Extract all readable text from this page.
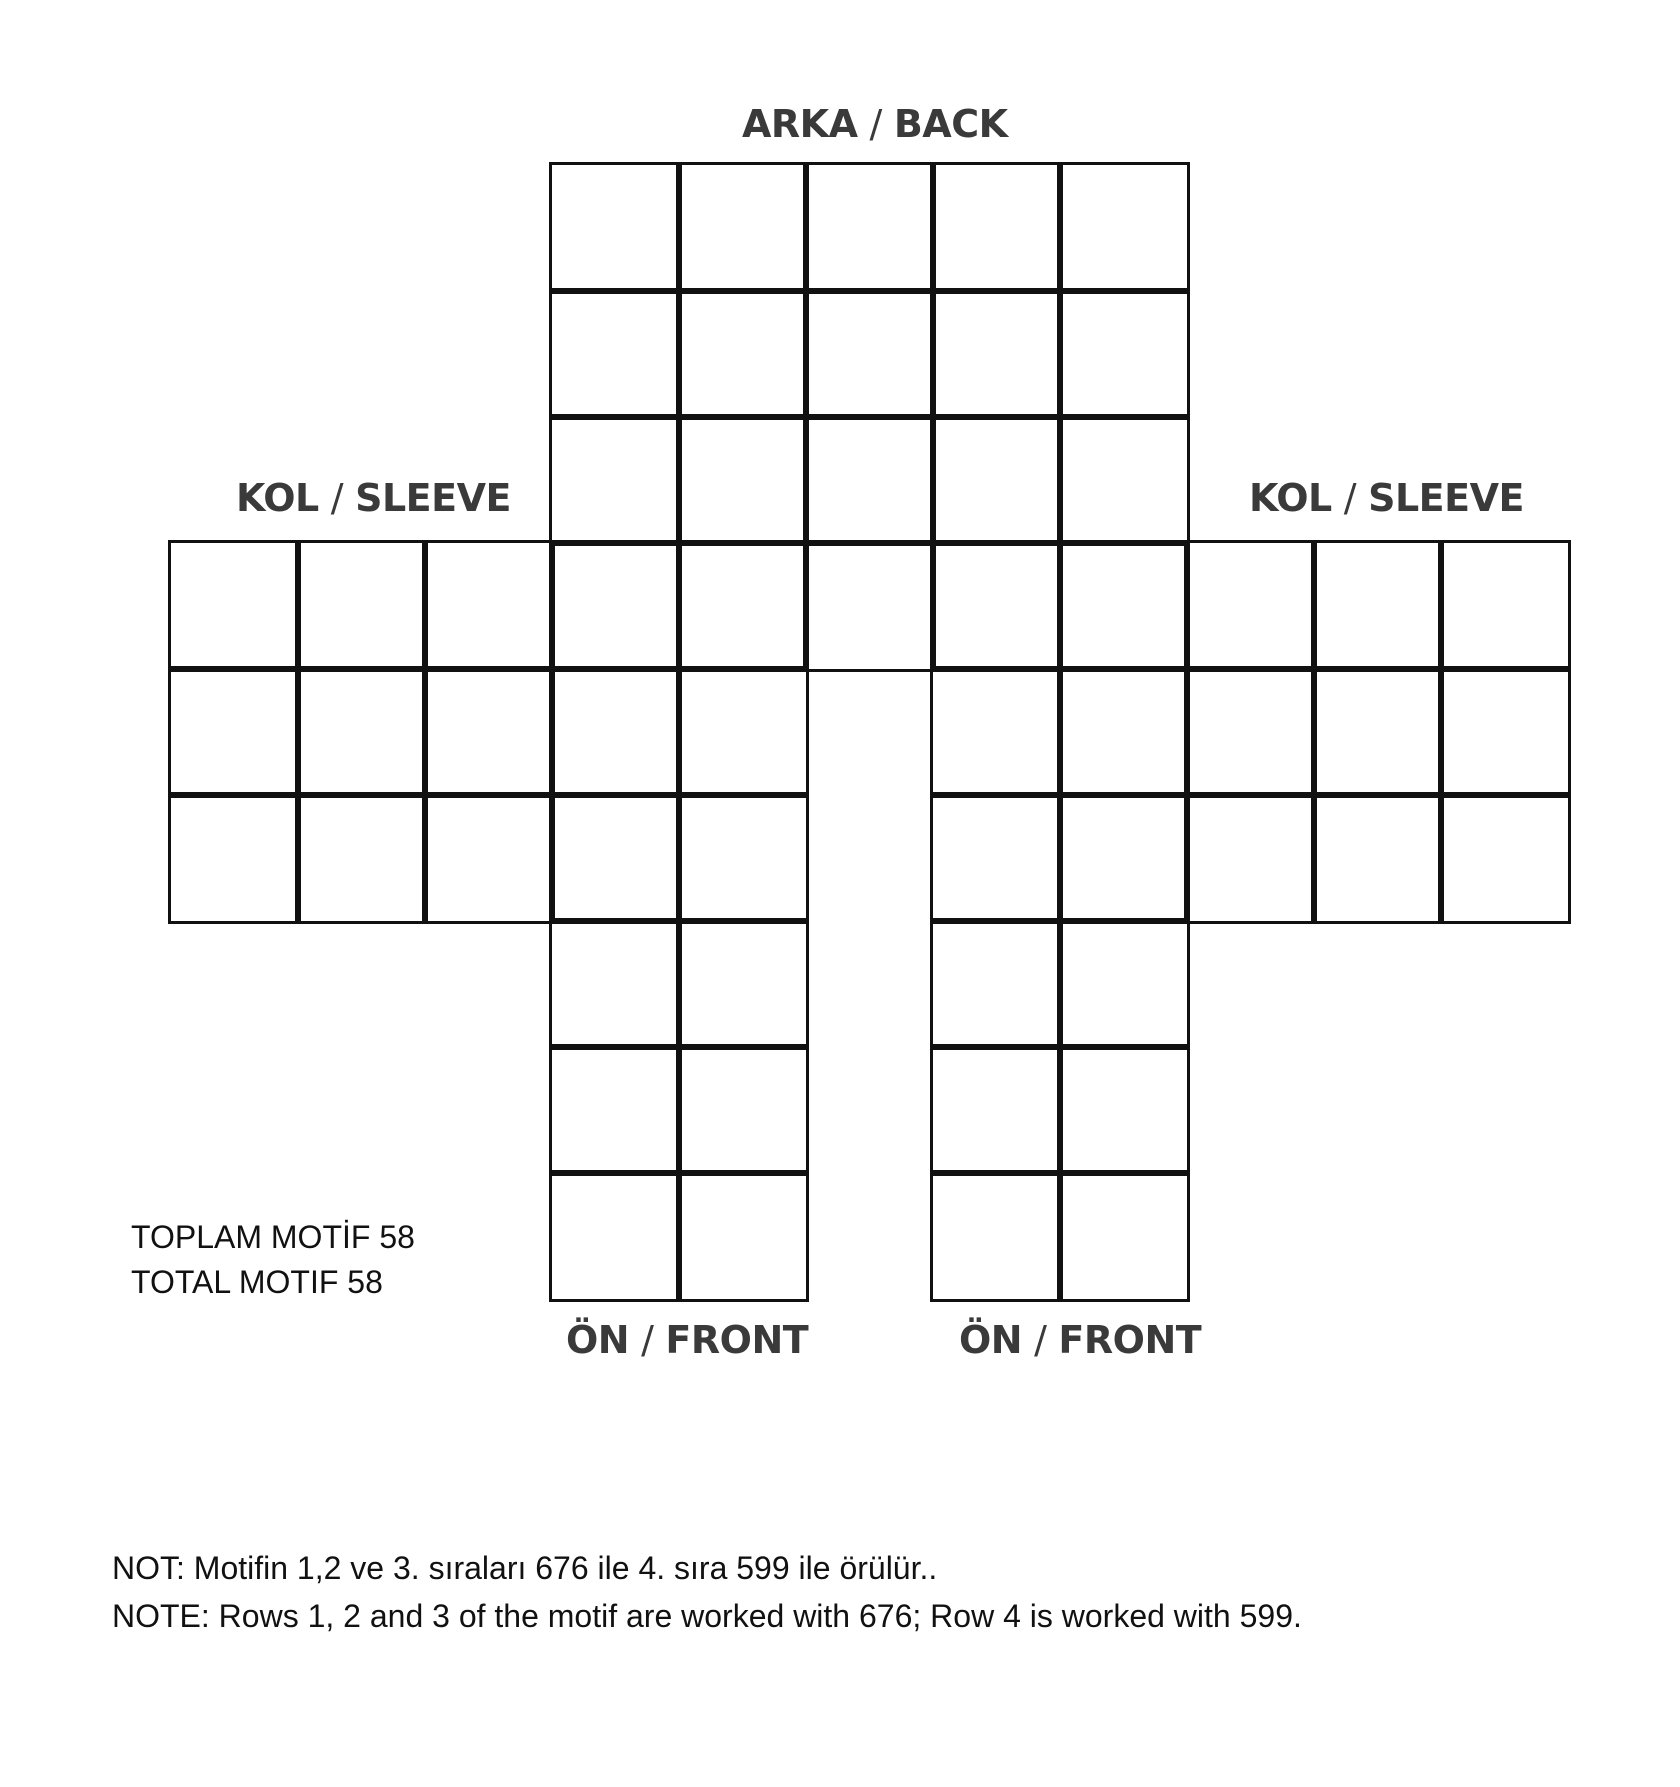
ARKA / BACK
KOL / SLEEVE	KOL / SLEEVE
ÖN / FRONT	ÖN / FRONT
TOPLAM MOTİF 58
TOTAL MOTIF 58
NOT: Motifin 1,2 ve 3. sıraları 676 ile 4. sıra 599 ile örülür..
NOTE: Rows 1, 2 and 3 of the motif are worked with 676; Row 4 is worked with 599.
